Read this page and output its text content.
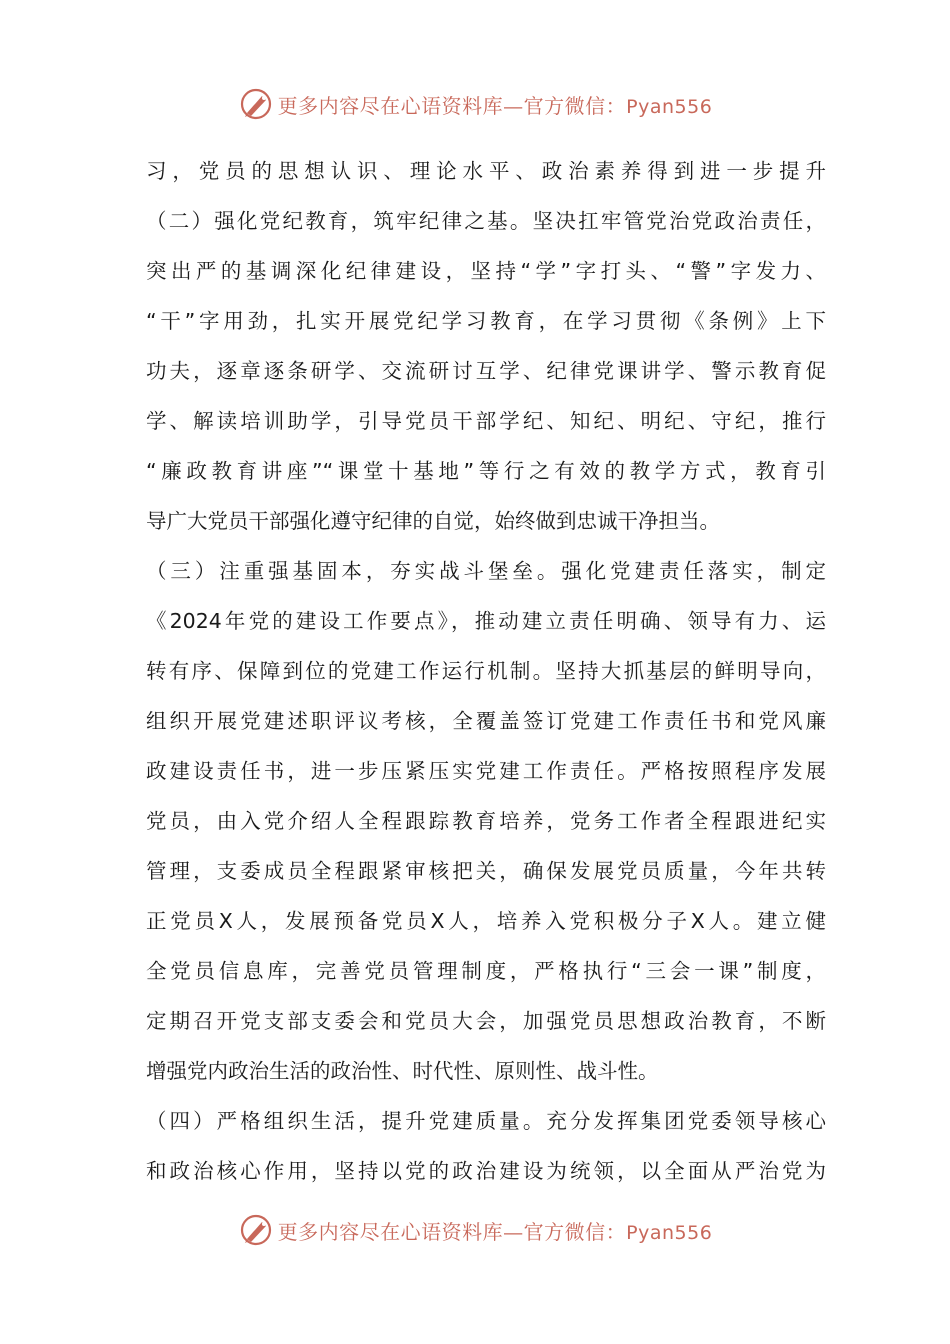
更多内容尽在心语资料库—官方微信：Pyan556
习，党员的思想认识、理论水平、政治素养得到进一步提升
（二）强化党纪教育，筑牢纪律之基。坚决扛牢管党治党政治责任，
突出严的基调深化纪律建设，坚持“学”字打头、“警”字发力、
“干”字用劲，扎实开展党纪学习教育，在学习贯彻《条例》上下
功夫，逐章逐条研学、交流研讨互学、纪律党课讲学、警示教育促
学、解读培训助学，引导党员干部学纪、知纪、明纪、守纪，推行
“廉政教育讲座”“课堂十基地”等行之有效的教学方式，教育引
导广大党员干部强化遵守纪律的自觉，始终做到忠诚干净担当。
（三）注重强基固本，夯实战斗堡垒。强化党建责任落实，制定
《2024年党的建设工作要点》，推动建立责任明确、领导有力、运
转有序、保障到位的党建工作运行机制。坚持大抓基层的鲜明导向，
组织开展党建述职评议考核，全覆盖签订党建工作责任书和党风廉
政建设责任书，进一步压紧压实党建工作责任。严格按照程序发展
党员，由入党介绍人全程跟踪教育培养，党务工作者全程跟进纪实
管理，支委成员全程跟紧审核把关，确保发展党员质量，今年共转
正党员X人，发展预备党员X人，培养入党积极分子X人。建立健
全党员信息库，完善党员管理制度，严格执行“三会一课”制度，
定期召开党支部支委会和党员大会，加强党员思想政治教育，不断
增强党内政治生活的政治性、时代性、原则性、战斗性。
（四）严格组织生活，提升党建质量。充分发挥集团党委领导核心
和政治核心作用，坚持以党的政治建设为统领，以全面从严治党为
更多内容尽在心语资料库—官方微信：Pyan556
